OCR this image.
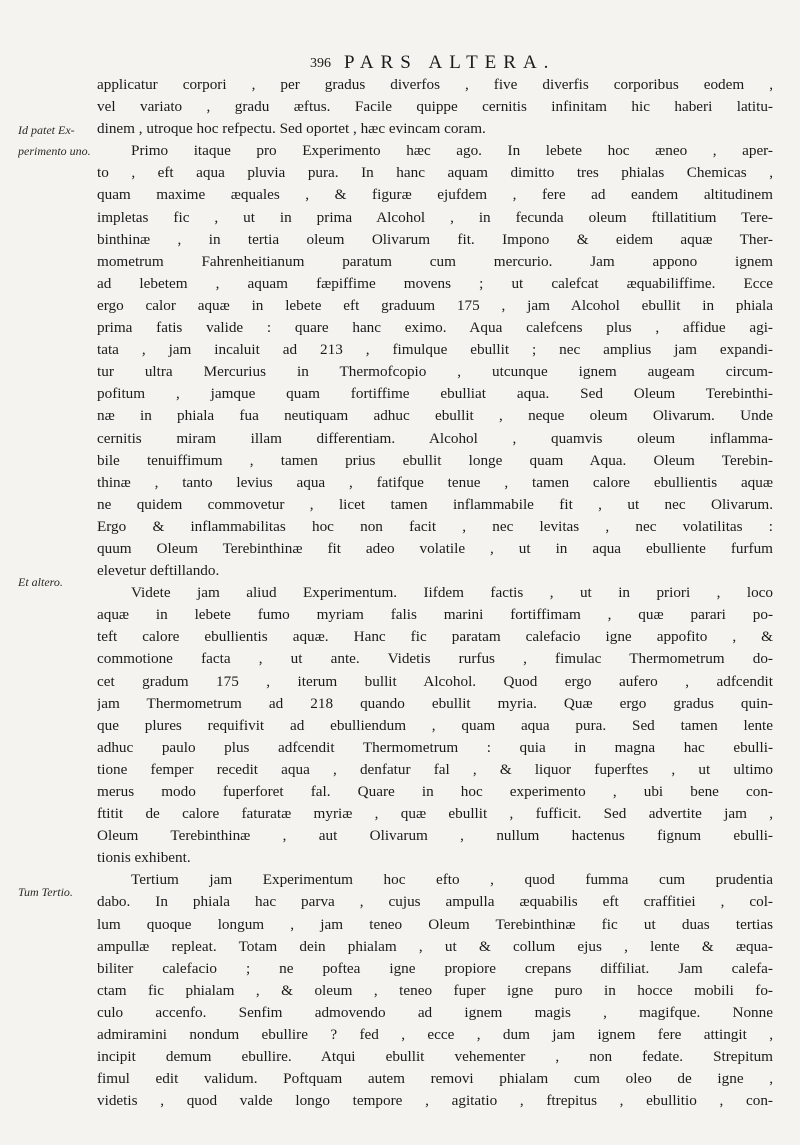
396 PARS ALTERA.
Id patet Ex-
perimento uno.
Et altero.
Tum Tertio.
applicatur corpori , per gradus diverfos , five diverfis corporibus eodem ,
vel variato , gradu æftus. Facile quippe cernitis infinitam hic haberi latitu-
dinem , utroque hoc refpectu. Sed oportet , hæc evincam coram.
Primo itaque pro Experimento hæc ago. In lebete hoc æneo , aper-
to , eft aqua pluvia pura. In hanc aquam dimitto tres phialas Chemicas ,
quam maxime æquales , & figuræ ejufdem , fere ad eandem altitudinem
impletas fic , ut in prima Alcohol , in fecunda oleum ftillatitium Tere-
binthinæ , in tertia oleum Olivarum fit. Impono & eidem aquæ Ther-
mometrum Fahrenheitianum paratum cum mercurio. Jam appono ignem
ad lebetem , aquam fæpiffime movens ; ut calefcat æquabiliffime. Ecce
ergo calor aquæ in lebete eft graduum 175 , jam Alcohol ebullit in phiala
prima fatis valide : quare hanc eximo. Aqua calefcens plus , affidue agi-
tata , jam incaluit ad 213 , fimulque ebullit ; nec amplius jam expandi-
tur ultra Mercurius in Thermofcopio , utcunque ignem augeam circum-
pofitum , jamque quam fortiffime ebulliat aqua. Sed Oleum Terebinthi-
næ in phiala fua neutiquam adhuc ebullit , neque oleum Olivarum. Unde
cernitis miram illam differentiam. Alcohol , quamvis oleum inflamma-
bile tenuiffimum , tamen prius ebullit longe quam Aqua. Oleum Terebin-
thinæ , tanto levius aqua , fatifque tenue , tamen calore ebullientis aquæ
ne quidem commovetur , licet tamen inflammabile fit , ut nec Olivarum.
Ergo & inflammabilitas hoc non facit , nec levitas , nec volatilitas :
quum Oleum Terebinthinæ fit adeo volatile , ut in aqua ebulliente furfum
elevetur deftillando.
Videte jam aliud Experimentum. Iifdem factis , ut in priori , loco
aquæ in lebete fumo myriam falis marini fortiffimam , quæ parari po-
teft calore ebullientis aquæ. Hanc fic paratam calefacio igne appofito , &
commotione facta , ut ante. Videtis rurfus , fimulac Thermometrum do-
cet gradum 175 , iterum bullit Alcohol. Quod ergo aufero , adfcendit
jam Thermometrum ad 218 quando ebullit myria. Quæ ergo gradus quin-
que plures requifivit ad ebulliendum , quam aqua pura. Sed tamen lente
adhuc paulo plus adfcendit Thermometrum : quia in magna hac ebulli-
tione femper recedit aqua , denfatur fal , & liquor fuperftes , ut ultimo
merus modo fuperforet fal. Quare in hoc experimento , ubi bene con-
ftitit de calore faturatæ myriæ , quæ ebullit , fufficit. Sed advertite jam ,
Oleum Terebinthinæ , aut Olivarum , nullum hactenus fignum ebulli-
tionis exhibent.
Tertium jam Experimentum hoc efto , quod fumma cum prudentia
dabo. In phiala hac parva , cujus ampulla æquabilis eft craffitiei , col-
lum quoque longum , jam teneo Oleum Terebinthinæ fic ut duas tertias
ampullæ repleat. Totam dein phialam , ut & collum ejus , lente & æqua-
biliter calefacio ; ne poftea igne propiore crepans diffiliat. Jam calefa-
ctam fic phialam , & oleum , teneo fuper igne puro in hocce mobili fo-
culo accenfo. Senfim admovendo ad ignem magis , magifque. Nonne
admiramini nondum ebullire ? fed , ecce , dum jam ignem fere attingit ,
incipit demum ebullire. Atqui ebullit vehementer , non fedate. Strepitum
fimul edit validum. Poftquam autem removi phialam cum oleo de igne ,
videtis , quod valde longo tempore , agitatio , ftrepitus , ebullitio , con-
